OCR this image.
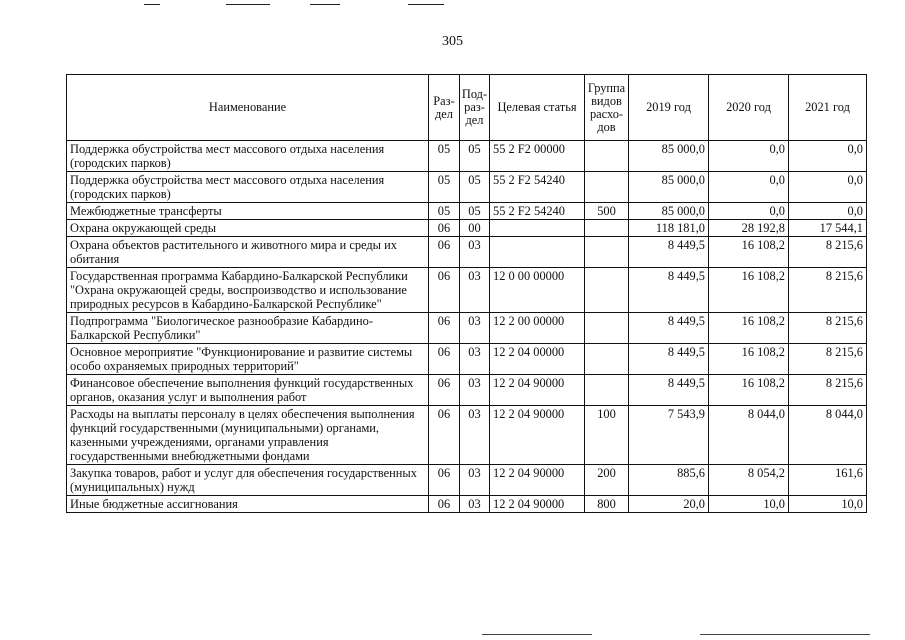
305
Наименование	Раз-дел	Под-раз-дел	Целевая статья	Группа видов расхо-дов	2019 год	2020 год	2021 год
Поддержка обустройства мест массового отдыха населения (городских парков)	05	05	55 2 F2 00000		85 000,0	0,0	0,0
Поддержка обустройства мест массового отдыха населения (городских парков)	05	05	55 2 F2 54240		85 000,0	0,0	0,0
Межбюджетные трансферты	05	05	55 2 F2 54240	500	85 000,0	0,0	0,0
Охрана окружающей среды	06	00			118 181,0	28 192,8	17 544,1
Охрана объектов растительного и животного мира и среды их обитания	06	03			8 449,5	16 108,2	8 215,6
Государственная программа Кабардино-Балкарской Республики "Охрана окружающей среды, воспроизводство и использование природных ресурсов в Кабардино-Балкарской Республике"	06	03	12 0 00 00000		8 449,5	16 108,2	8 215,6
Подпрограмма "Биологическое разнообразие Кабардино-Балкарской Республики"	06	03	12 2 00 00000		8 449,5	16 108,2	8 215,6
Основное мероприятие "Функционирование и развитие системы особо охраняемых природных территорий"	06	03	12 2 04 00000		8 449,5	16 108,2	8 215,6
Финансовое обеспечение выполнения функций государственных органов, оказания услуг и выполнения работ	06	03	12 2 04 90000		8 449,5	16 108,2	8 215,6
Расходы на выплаты персоналу в целях обеспечения выполнения функций государственными (муниципальными) органами, казенными учреждениями, органами управления государственными внебюджетными фондами	06	03	12 2 04 90000	100	7 543,9	8 044,0	8 044,0
Закупка товаров, работ и услуг для обеспечения государственных (муниципальных) нужд	06	03	12 2 04 90000	200	885,6	8 054,2	161,6
Иные бюджетные ассигнования	06	03	12 2 04 90000	800	20,0	10,0	10,0
